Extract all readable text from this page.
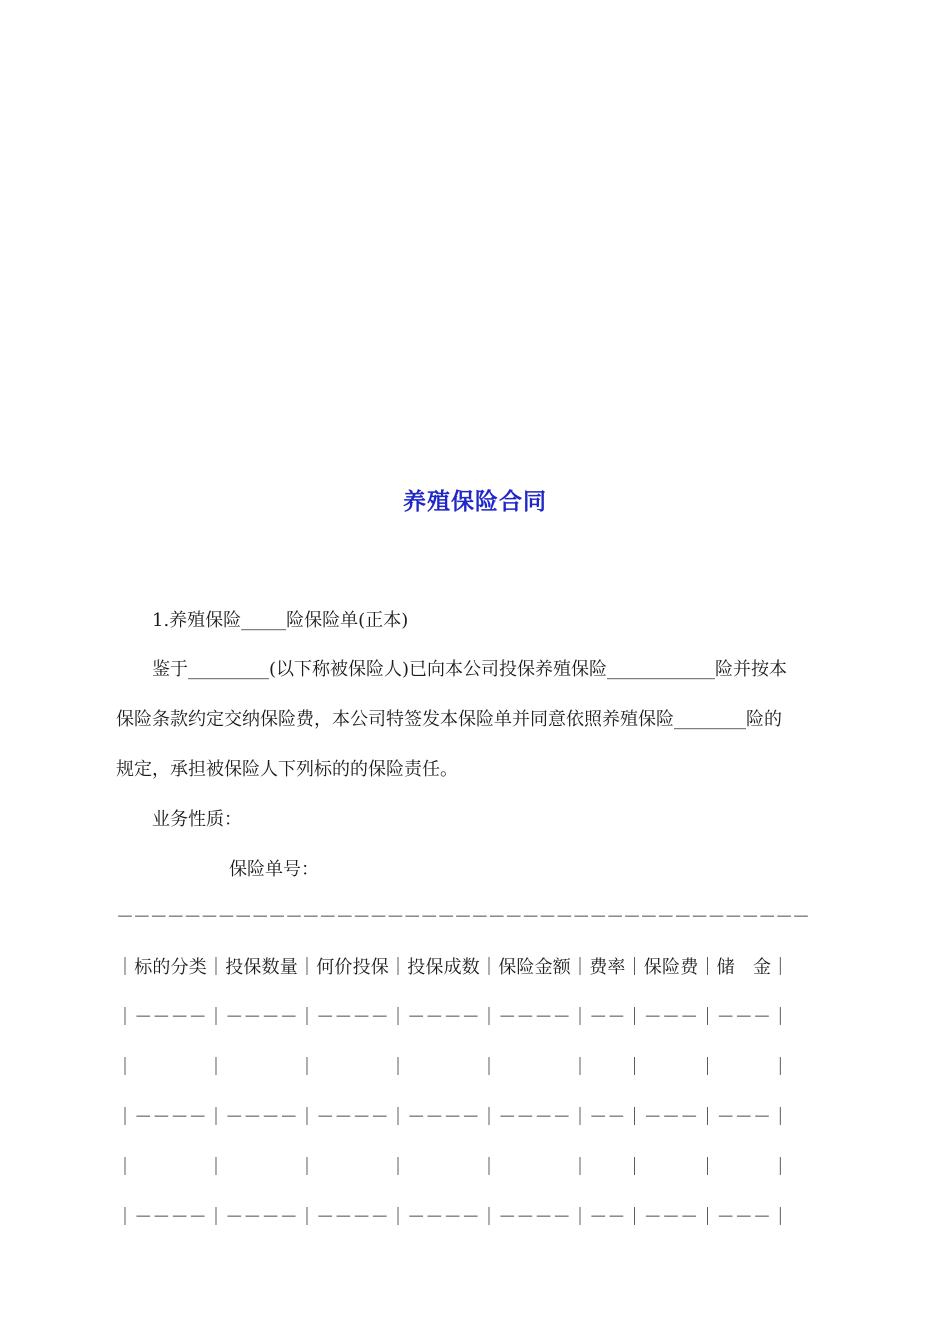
养殖保险合同
1.养殖保险_____险保险单(正本)
鉴于_________(以下称被保险人)已向本公司投保养殖保险____________险并按本
保险条款约定交纳保险费，本公司特签发本保险单并同意依照养殖保险________险的
规定，承担被保险人下列标的的保险责任。
业务性质：
保险单号：
－－－－－－－－－－－－－－－－－－－－－－－－－－－－－－－－－－－－－－－－－
｜标的分类｜投保数量｜何价投保｜投保成数｜保险金额｜费率｜保险费｜储　金｜
｜－－－－｜－－－－｜－－－－｜－－－－｜－－－－｜－－｜－－－｜－－－｜
｜　　　　｜　　　　｜　　　　｜　　　　｜　　　　｜　　｜　　　｜　　　｜
｜－－－－｜－－－－｜－－－－｜－－－－｜－－－－｜－－｜－－－｜－－－｜
｜　　　　｜　　　　｜　　　　｜　　　　｜　　　　｜　　｜　　　｜　　　｜
｜－－－－｜－－－－｜－－－－｜－－－－｜－－－－｜－－｜－－－｜－－－｜
